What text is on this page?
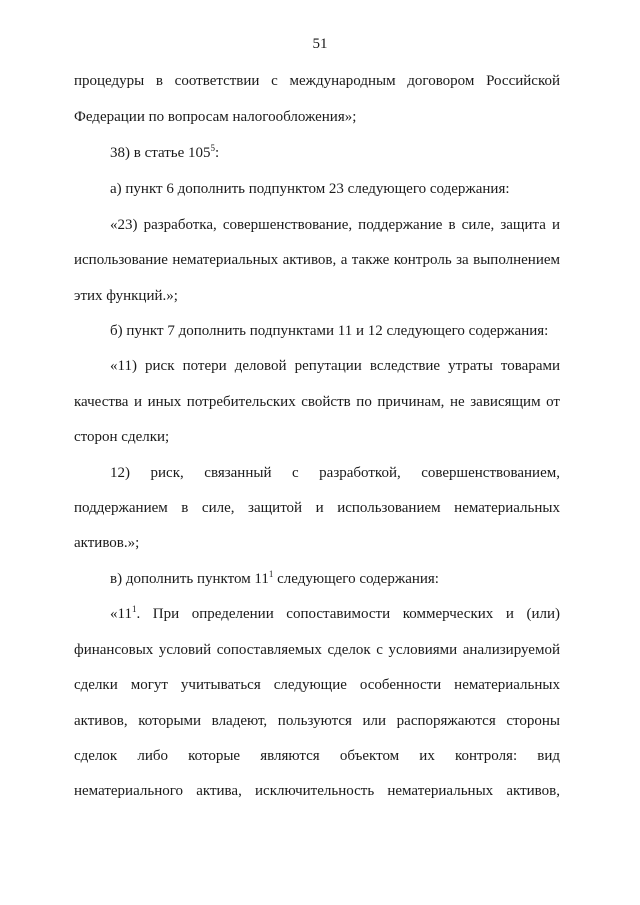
51
процедуры в соответствии с международным договором Российской
Федерации по вопросам налогообложения»;
38) в статье $105^5$:
а) пункт 6 дополнить подпунктом 23 следующего содержания:
«23) разработка, совершенствование, поддержание в силе, защита и
использование нематериальных активов, а также контроль за выполнением
этих функций.»;
б) пункт 7 дополнить подпунктами 11 и 12 следующего содержания:
«11) риск потери деловой репутации вследствие утраты товарами
качества и иных потребительских свойств по причинам, не зависящим от
сторон сделки;
12) риск, связанный с разработкой, совершенствованием,
поддержанием в силе, защитой и использованием нематериальных
активов.»;
в) дополнить пунктом $11^1$ следующего содержания:
«$11^1$. При определении сопоставимости коммерческих и (или)
финансовых условий сопоставляемых сделок с условиями анализируемой
сделки могут учитываться следующие особенности нематериальных
активов, которыми владеют, пользуются или распоряжаются стороны
сделок либо которые являются объектом их контроля: вид
нематериального актива, исключительность нематериальных активов,
